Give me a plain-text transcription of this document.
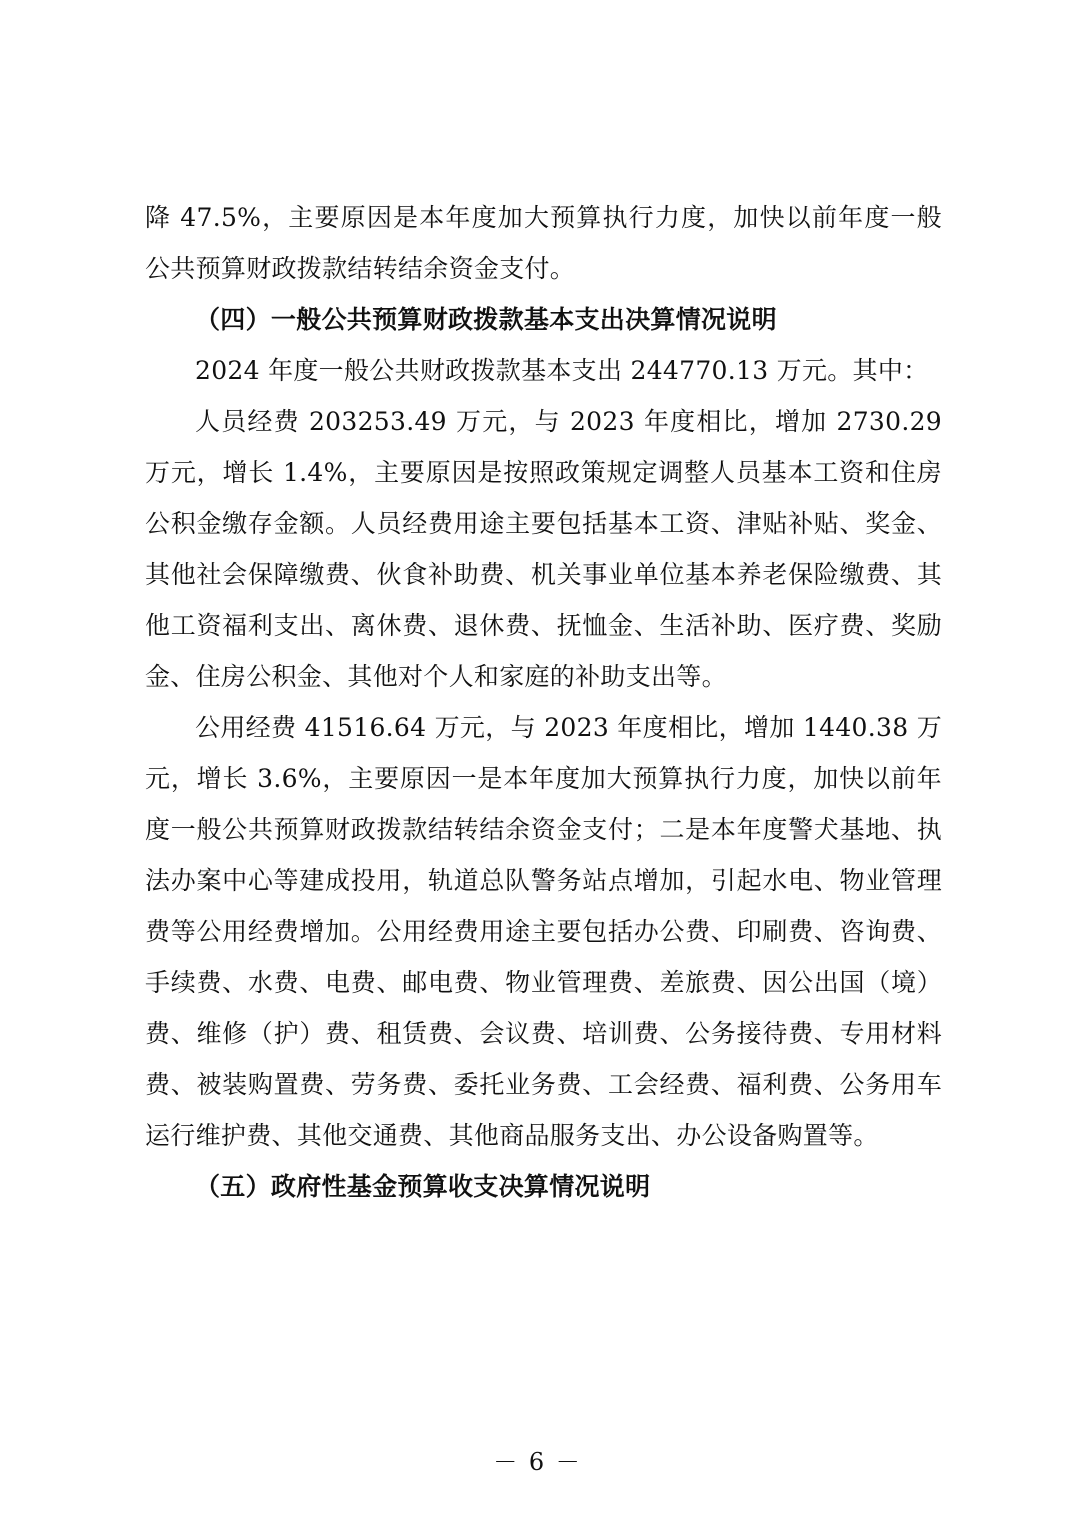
降 47.5%，主要原因是本年度加大预算执行力度，加快以前年度一般公共预算财政拨款结转结余资金支付。

（四）一般公共预算财政拨款基本支出决算情况说明

2024 年度一般公共财政拨款基本支出 244770.13 万元。其中：

人员经费 203253.49 万元，与 2023 年度相比，增加 2730.29 万元，增长 1.4%，主要原因是按照政策规定调整人员基本工资和住房公积金缴存金额。人员经费用途主要包括基本工资、津贴补贴、奖金、其他社会保障缴费、伙食补助费、机关事业单位基本养老保险缴费、其他工资福利支出、离休费、退休费、抚恤金、生活补助、医疗费、奖励金、住房公积金、其他对个人和家庭的补助支出等。

公用经费 41516.64 万元，与 2023 年度相比，增加 1440.38 万元，增长 3.6%，主要原因一是本年度加大预算执行力度，加快以前年度一般公共预算财政拨款结转结余资金支付；二是本年度警犬基地、执法办案中心等建成投用，轨道总队警务站点增加，引起水电、物业管理费等公用经费增加。公用经费用途主要包括办公费、印刷费、咨询费、手续费、水费、电费、邮电费、物业管理费、差旅费、因公出国（境）费、维修（护）费、租赁费、会议费、培训费、公务接待费、专用材料费、被装购置费、劳务费、委托业务费、工会经费、福利费、公务用车运行维护费、其他交通费、其他商品服务支出、办公设备购置等。

（五）政府性基金预算收支决算情况说明

－ 6 －
